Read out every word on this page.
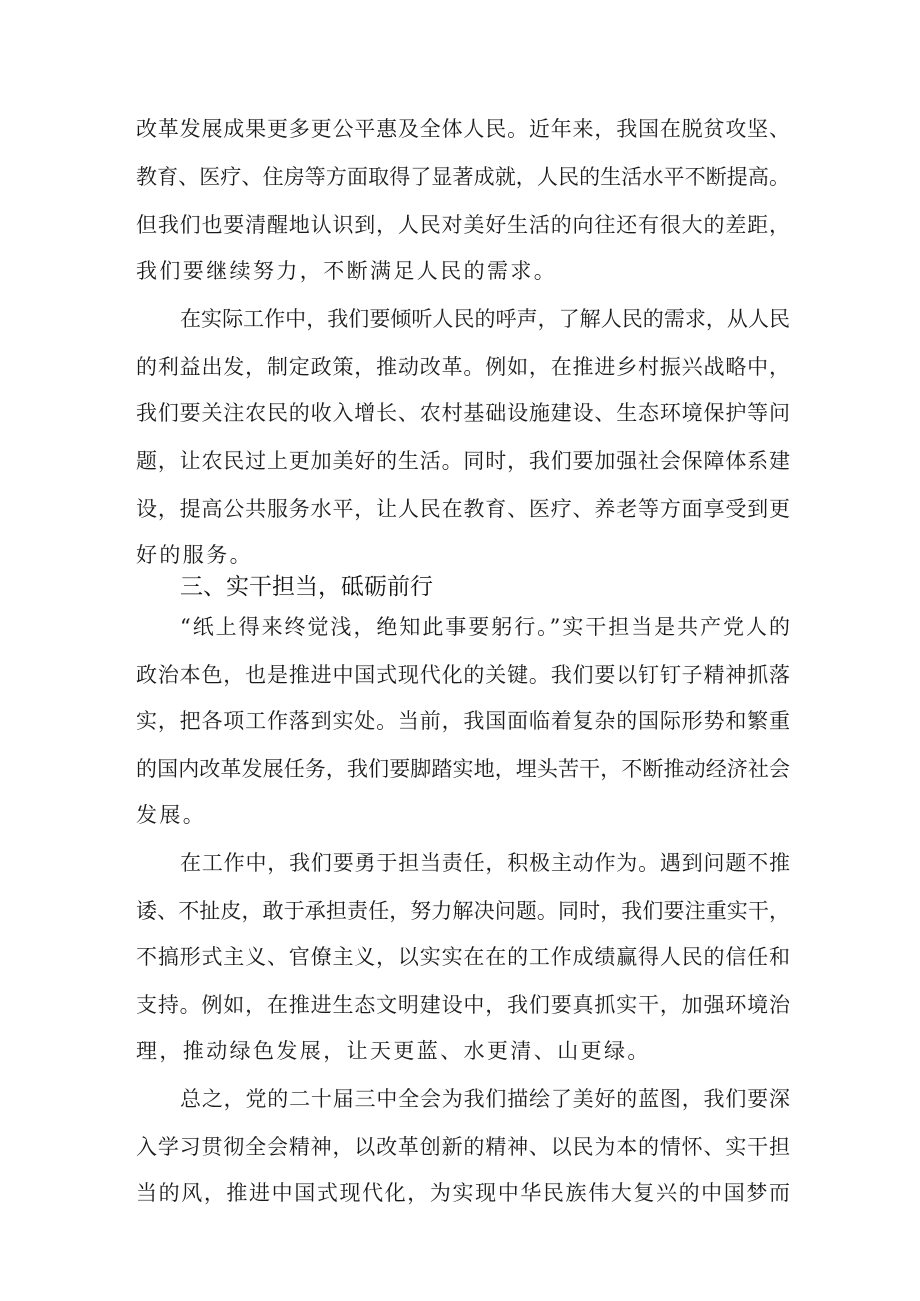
改革发展成果更多更公平惠及全体人民。近年来，我国在脱贫攻坚、
教育、医疗、住房等方面取得了显著成就，人民的生活水平不断提高。
但我们也要清醒地认识到，人民对美好生活的向往还有很大的差距，
我们要继续努力，不断满足人民的需求。
在实际工作中，我们要倾听人民的呼声，了解人民的需求，从人民
的利益出发，制定政策，推动改革。例如，在推进乡村振兴战略中，
我们要关注农民的收入增长、农村基础设施建设、生态环境保护等问
题，让农民过上更加美好的生活。同时，我们要加强社会保障体系建
设，提高公共服务水平，让人民在教育、医疗、养老等方面享受到更
好的服务。
三、实干担当，砥砺前行
“纸上得来终觉浅，绝知此事要躬行。”实干担当是共产党人的
政治本色，也是推进中国式现代化的关键。我们要以钉钉子精神抓落
实，把各项工作落到实处。当前，我国面临着复杂的国际形势和繁重
的国内改革发展任务，我们要脚踏实地，埋头苦干，不断推动经济社会
发展。
在工作中，我们要勇于担当责任，积极主动作为。遇到问题不推
诿、不扯皮，敢于承担责任，努力解决问题。同时，我们要注重实干，
不搞形式主义、官僚主义，以实实在在的工作成绩赢得人民的信任和
支持。例如，在推进生态文明建设中，我们要真抓实干，加强环境治
理，推动绿色发展，让天更蓝、水更清、山更绿。
总之，党的二十届三中全会为我们描绘了美好的蓝图，我们要深
入学习贯彻全会精神，以改革创新的精神、以民为本的情怀、实干担
当的风，推进中国式现代化，为实现中华民族伟大复兴的中国梦而
